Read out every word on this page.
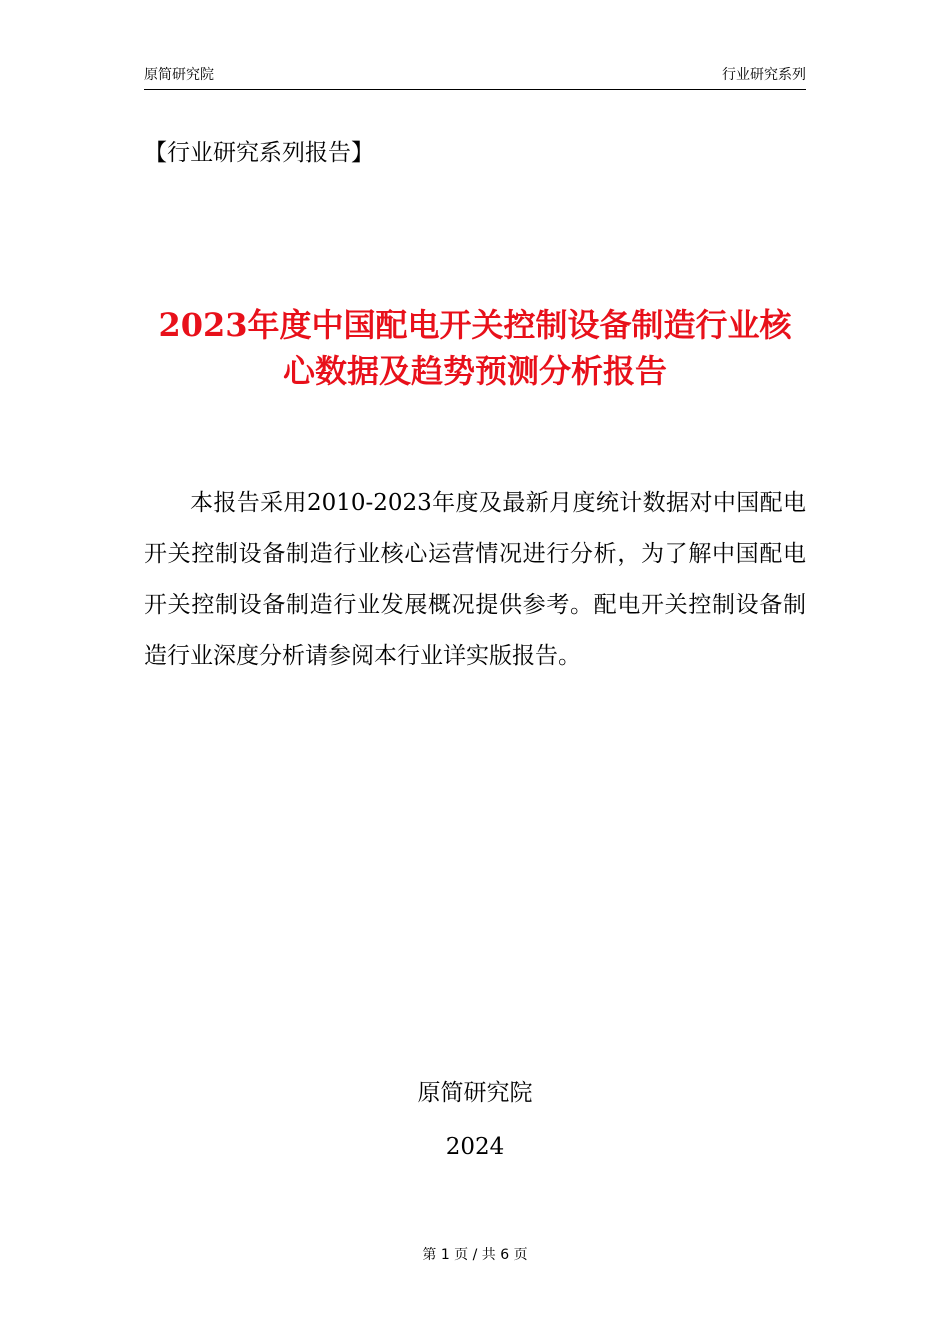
原简研究院	行业研究系列
【行业研究系列报告】
2023年度中国配电开关控制设备制造行业核心数据及趋势预测分析报告

本报告采用2010-2023年度及最新月度统计数据对中国配电开关控制设备制造行业核心运营情况进行分析，为了解中国配电开关控制设备制造行业发展概况提供参考。配电开关控制设备制造行业深度分析请参阅本行业详实版报告。

原简研究院
2024
第 1 页 / 共 6 页
